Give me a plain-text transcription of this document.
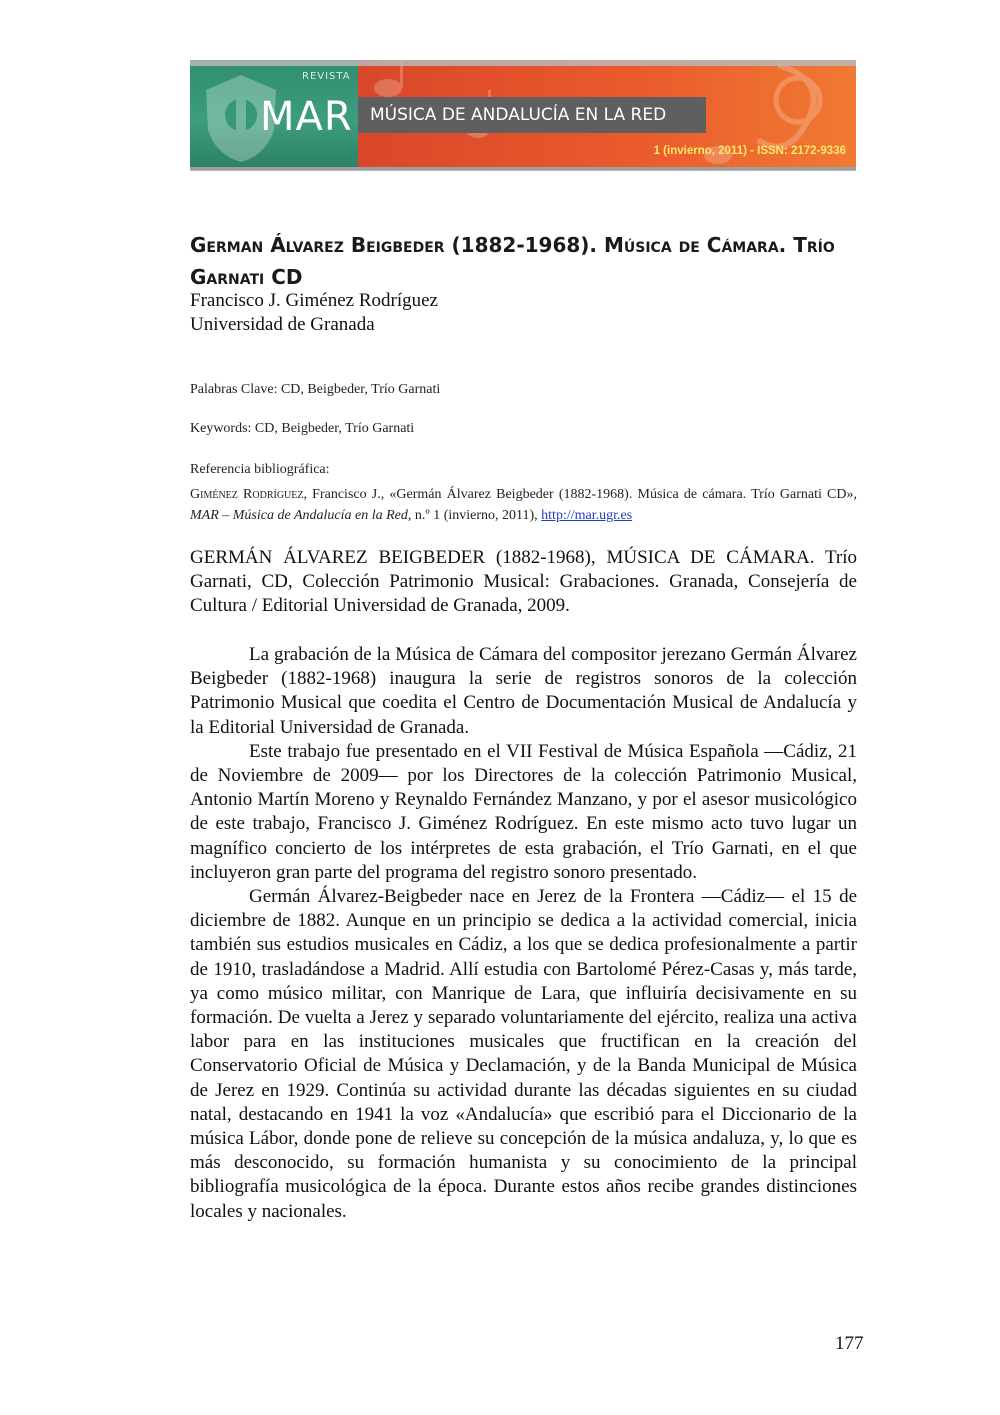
REVISTA
MAR	MÚSICA DE ANDALUCÍA EN LA RED
1 (invierno, 2011) - ISSN: 2172-9336
German Álvarez Beigbeder (1882-1968). Música de Cámara. Trío Garnati CD

Francisco J. Giménez Rodríguez

Universidad de Granada

Palabras Clave: CD, Beigbeder, Trío Garnati

Keywords: CD, Beigbeder, Trío Garnati

Referencia bibliográfica:

Giménez Rodríguez, Francisco J., «Germán Álvarez Beigbeder (1882-1968). Música de cámara. Trío Garnati CD», MAR – Música de Andalucía en la Red, n.º 1 (invierno, 2011), http://mar.ugr.es

GERMÁN ÁLVAREZ BEIGBEDER (1882-1968), MÚSICA DE CÁMARA. Trío Garnati, CD, Colección Patrimonio Musical: Grabaciones. Granada, Consejería de Cultura / Editorial Universidad de Granada, 2009.

La grabación de la Música de Cámara del compositor jerezano Germán Álvarez Beigbeder (1882-1968) inaugura la serie de registros sonoros de la colección Patrimonio Musical que coedita el Centro de Documentación Musical de Andalucía y la Editorial Universidad de Granada.

Este trabajo fue presentado en el VII Festival de Música Española —Cádiz, 21 de Noviembre de 2009— por los Directores de la colección Patrimonio Musical, Antonio Martín Moreno y Reynaldo Fernández Manzano, y por el asesor musicológico de este trabajo, Francisco J. Giménez Rodríguez. En este mismo acto tuvo lugar un magnífico concierto de los intérpretes de esta grabación, el Trío Garnati, en el que incluyeron gran parte del programa del registro sonoro presentado.

Germán Álvarez-Beigbeder nace en Jerez de la Frontera —Cádiz— el 15 de diciembre de 1882. Aunque en un principio se dedica a la actividad comercial, inicia también sus estudios musicales en Cádiz, a los que se dedica profesionalmente a partir de 1910, trasladándose a Madrid. Allí estudia con Bartolomé Pérez-Casas y, más tarde, ya como músico militar, con Manrique de Lara, que influiría decisivamente en su formación. De vuelta a Jerez y separado voluntariamente del ejército, realiza una activa labor para en las instituciones musicales que fructifican en la creación del Conservatorio Oficial de Música y Declamación, y de la Banda Municipal de Música de Jerez en 1929. Continúa su actividad durante las décadas siguientes en su ciudad natal, destacando en 1941 la voz «Andalucía» que escribió para el Diccionario de la música Lábor, donde pone de relieve su concepción de la música andaluza, y, lo que es más desconocido, su formación humanista y su conocimiento de la principal bibliografía musicológica de la época. Durante estos años recibe grandes distinciones locales y nacionales.

177
